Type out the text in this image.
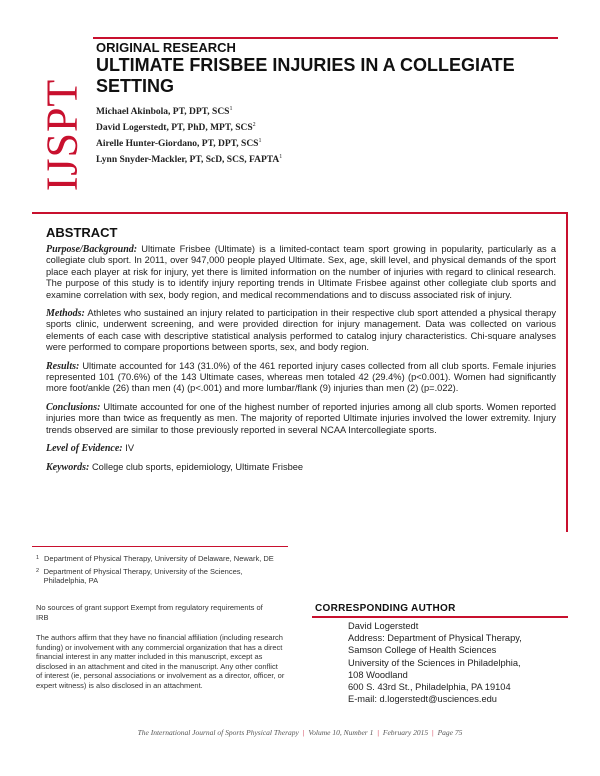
IJSPT
ORIGINAL RESEARCH
ULTIMATE FRISBEE INJURIES IN A COLLEGIATE SETTING
Michael Akinbola, PT, DPT, SCS$^1$
David Logerstedt, PT, PhD, MPT, SCS$^2$
Airelle Hunter-Giordano, PT, DPT, SCS$^1$
Lynn Snyder-Mackler, PT, ScD, SCS, FAPTA$^1$
ABSTRACT

Purpose/Background: Ultimate Frisbee (Ultimate) is a limited-contact team sport growing in popularity, particularly as a collegiate club sport. In 2011, over 947,000 people played Ultimate. Sex, age, skill level, and physical demands of the sport place each player at risk for injury, yet there is limited information on the number of injuries with regard to clinical research. The purpose of this study is to identify injury reporting trends in Ultimate Frisbee against other collegiate club sports and examine correlation with sex, body region, and medical recommendations and to discuss associated risk of injury.

Methods: Athletes who sustained an injury related to participation in their respective club sport attended a physical therapy sports clinic, underwent screening, and were provided direction for injury management. Data was collected on various elements of each case with descriptive statistical analysis performed to catalog injury characteristics. Chi-square analyses were performed to compare proportions between sports, sex, and body region.

Results: Ultimate accounted for 143 (31.0%) of the 461 reported injury cases collected from all club sports. Female injuries represented 101 (70.6%) of the 143 Ultimate cases, whereas men totaled 42 (29.4%) (p<0.001). Women had significantly more foot/ankle (26) than men (4) (p<.001) and more lumbar/flank (9) injuries than men (2) (p=.022).

Conclusions: Ultimate accounted for one of the highest number of reported injuries among all club sports. Women reported injuries more than twice as frequently as men. The majority of reported Ultimate injuries involved the lower extremity. Injury trends observed are similar to those previously reported in several NCAA Intercollegiate sports.

Level of Evidence: IV

Keywords: College club sports, epidemiology, Ultimate Frisbee

1 Department of Physical Therapy, University of Delaware, Newark, DE
2 Department of Physical Therapy, University of the Sciences, Philadelphia, PA
No sources of grant support Exempt from regulatory requirements of IRB
The authors affirm that they have no financial affiliation (including research funding) or involvement with any commercial organization that has a direct financial interest in any matter included in this manuscript, except as disclosed in an attachment and cited in the manuscript. Any other conflict of interest (ie, personal associations or involvement as a director, officer, or expert witness) is also disclosed in an attachment.
CORRESPONDING AUTHOR
David Logerstedt
Address: Department of Physical Therapy,
Samson College of Health Sciences
University of the Sciences in Philadelphia,
108 Woodland
600 S. 43rd St., Philadelphia, PA 19104
E-mail: d.logerstedt@usciences.edu
The International Journal of Sports Physical Therapy | Volume 10, Number 1 | February 2015 | Page 75
